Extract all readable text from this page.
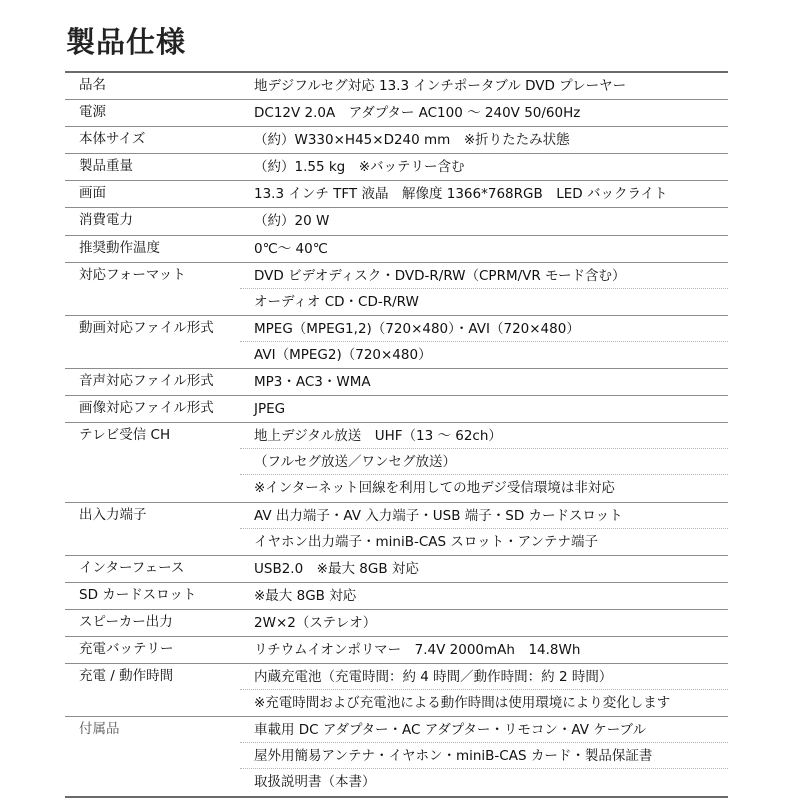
製品仕様
品名	地デジフルセグ対応 13.3 インチポータブル DVD プレーヤー
電源	DC12V 2.0A　アダプター AC100 ～ 240V 50/60Hz
本体サイズ	（約）W330×H45×D240 mm　※折りたたみ状態
製品重量	（約）1.55 kg　※バッテリー含む
画面	13.3 インチ TFT 液晶　解像度 1366*768RGB　LED バックライト
消費電力	（約）20 W
推奨動作温度	0℃～ 40℃
対応フォーマット	DVD ビデオディスク・DVD-R/RW（CPRM/VR モード含む）
オーディオ CD・CD-R/RW
動画対応ファイル形式	MPEG（MPEG1,2)（720×480）・AVI（720×480）
AVI（MPEG2)（720×480）
音声対応ファイル形式	MP3・AC3・WMA
画像対応ファイル形式	JPEG
テレビ受信 CH	地上デジタル放送　UHF（13 ～ 62ch）
（フルセグ放送／ワンセグ放送）
※インターネット回線を利用しての地デジ受信環境は非対応
出入力端子	AV 出力端子・AV 入力端子・USB 端子・SD カードスロット
イヤホン出力端子・miniB-CAS スロット・アンテナ端子
インターフェース	USB2.0　※最大 8GB 対応
SD カードスロット	※最大 8GB 対応
スピーカー出力	2W×2（ステレオ）
充電バッテリー	リチウムイオンポリマー　7.4V 2000mAh　14.8Wh
充電 / 動作時間	内蔵充電池（充電時間：約 4 時間／動作時間：約 2 時間）
※充電時間および充電池による動作時間は使用環境により変化します
付属品	車載用 DC アダプター・AC アダプター・リモコン・AV ケーブル
屋外用簡易アンテナ・イヤホン・miniB-CAS カード・製品保証書
取扱説明書（本書）
